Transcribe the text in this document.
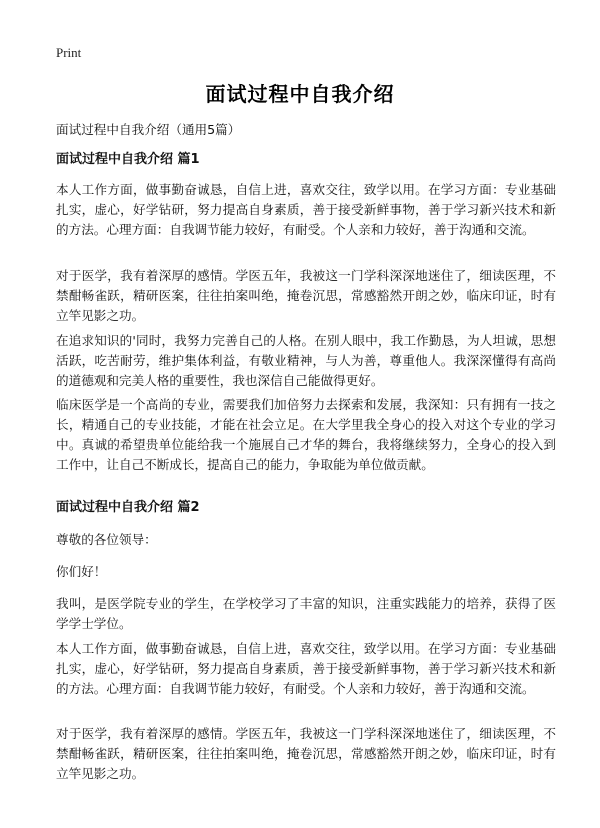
Print
面试过程中自我介绍
面试过程中自我介绍（通用5篇）
面试过程中自我介绍 篇1
本人工作方面，做事勤奋诚恳，自信上进，喜欢交往，致学以用。在学习方面：专业基础扎实，虚心，好学钻研，努力提高自身素质，善于接受新鲜事物，善于学习新兴技术和新的方法。心理方面：自我调节能力较好，有耐受。个人亲和力较好，善于沟通和交流。
对于医学，我有着深厚的感情。学医五年，我被这一门学科深深地迷住了，细读医理，不禁酣畅雀跃，精研医案，往往拍案叫绝，掩卷沉思，常感豁然开朗之妙，临床印证，时有立竿见影之功。
在追求知识的'同时，我努力完善自己的人格。在别人眼中，我工作勤恳，为人坦诚，思想活跃，吃苦耐劳，维护集体利益，有敬业精神，与人为善，尊重他人。我深深懂得有高尚的道德观和完美人格的重要性，我也深信自己能做得更好。
临床医学是一个高尚的专业，需要我们加倍努力去探索和发展，我深知：只有拥有一技之长，精通自己的专业技能，才能在社会立足。在大学里我全身心的投入对这个专业的学习中。真诚的希望贵单位能给我一个施展自己才华的舞台，我将继续努力，全身心的投入到工作中，让自己不断成长，提高自己的能力，争取能为单位做贡献。
面试过程中自我介绍 篇2
尊敬的各位领导：
你们好！
我叫，是医学院专业的学生，在学校学习了丰富的知识，注重实践能力的培养，获得了医学学士学位。
本人工作方面，做事勤奋诚恳，自信上进，喜欢交往，致学以用。在学习方面：专业基础扎实，虚心，好学钻研，努力提高自身素质，善于接受新鲜事物，善于学习新兴技术和新的方法。心理方面：自我调节能力较好，有耐受。个人亲和力较好，善于沟通和交流。
对于医学，我有着深厚的感情。学医五年，我被这一门学科深深地迷住了，细读医理，不禁酣畅雀跃，精研医案，往往拍案叫绝，掩卷沉思，常感豁然开朗之妙，临床印证，时有立竿见影之功。
